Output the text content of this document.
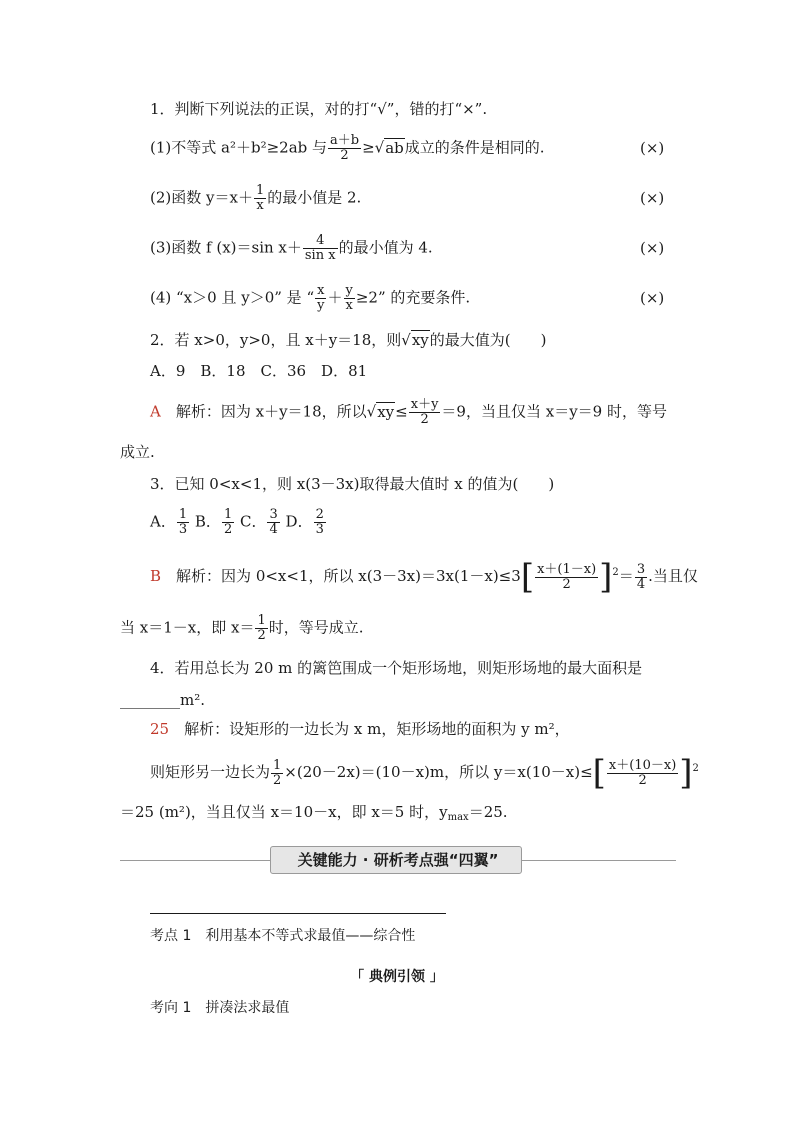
1．判断下列说法的正误，对的打“√”，错的打“×”.
(1)不等式 a²＋b²≥2ab 与 $\frac{a+b}{2} \ge√ab$成立的条件是相同的.	(×)
(2)函数 $y=x+ \frac{1}{x}$ 的最小值是 2.	(×)
(3)函数 f (x)＝sin $x+ \frac{4}{\text{sin x}}$ 的最小值为 4.	(×)
(4) “x＞0 且 y＞0” 是 “ $\frac{x}{y} + \frac{y}{x} \ge 2$” 的充要条件.	(×)
2．若 x>0，y>0，且 x＋y＝18，则√xy的最大值为(　　)
A．9　B．18　C．36　D．81
A　 解析：因为 x＋y＝18，所以$√xy\le \frac{x+y}{2} =9$，当且仅当 x＝y＝9 时，等号
成立.
3．已知 0<x<1，则 x(3－3x)取得最大值时 x 的值为(　　)
A． $\frac{1}{3}$ B． $\frac{1}{2}$ C． $\frac{3}{4}$ D． $\frac{2}{3}$
B　 解析：因为 0<x<1，所以 $x(3-3x)=3x(1-x)\le 3[ \frac{x+(1-x)}{2} ]^2= \frac{3}{4}$ .当且仅
当 x＝1－x，即 $x= \frac{1}{2}$ 时，等号成立.
4．若用总长为 20 m 的篱笆围成一个矩形场地，则矩形场地的最大面积是
________m².
25　 解析：设矩形的一边长为 x m，矩形场地的面积为 y m²，
则矩形另一边长为 $\frac{1}{2} \times(20-2x)=(10-x)m$，所以 $y=x(10-x)\le[ \frac{x+(10-x)}{2} ]^2$
＝25 (m²)，当且仅当 x＝10－x，即 x＝5 时，$y_{max}=25$.
关键能力 · 研析考点强“四翼”
考点 1　利用基本不等式求最值——综合性
「 典例引领 」
考向 1　拼凑法求最值
